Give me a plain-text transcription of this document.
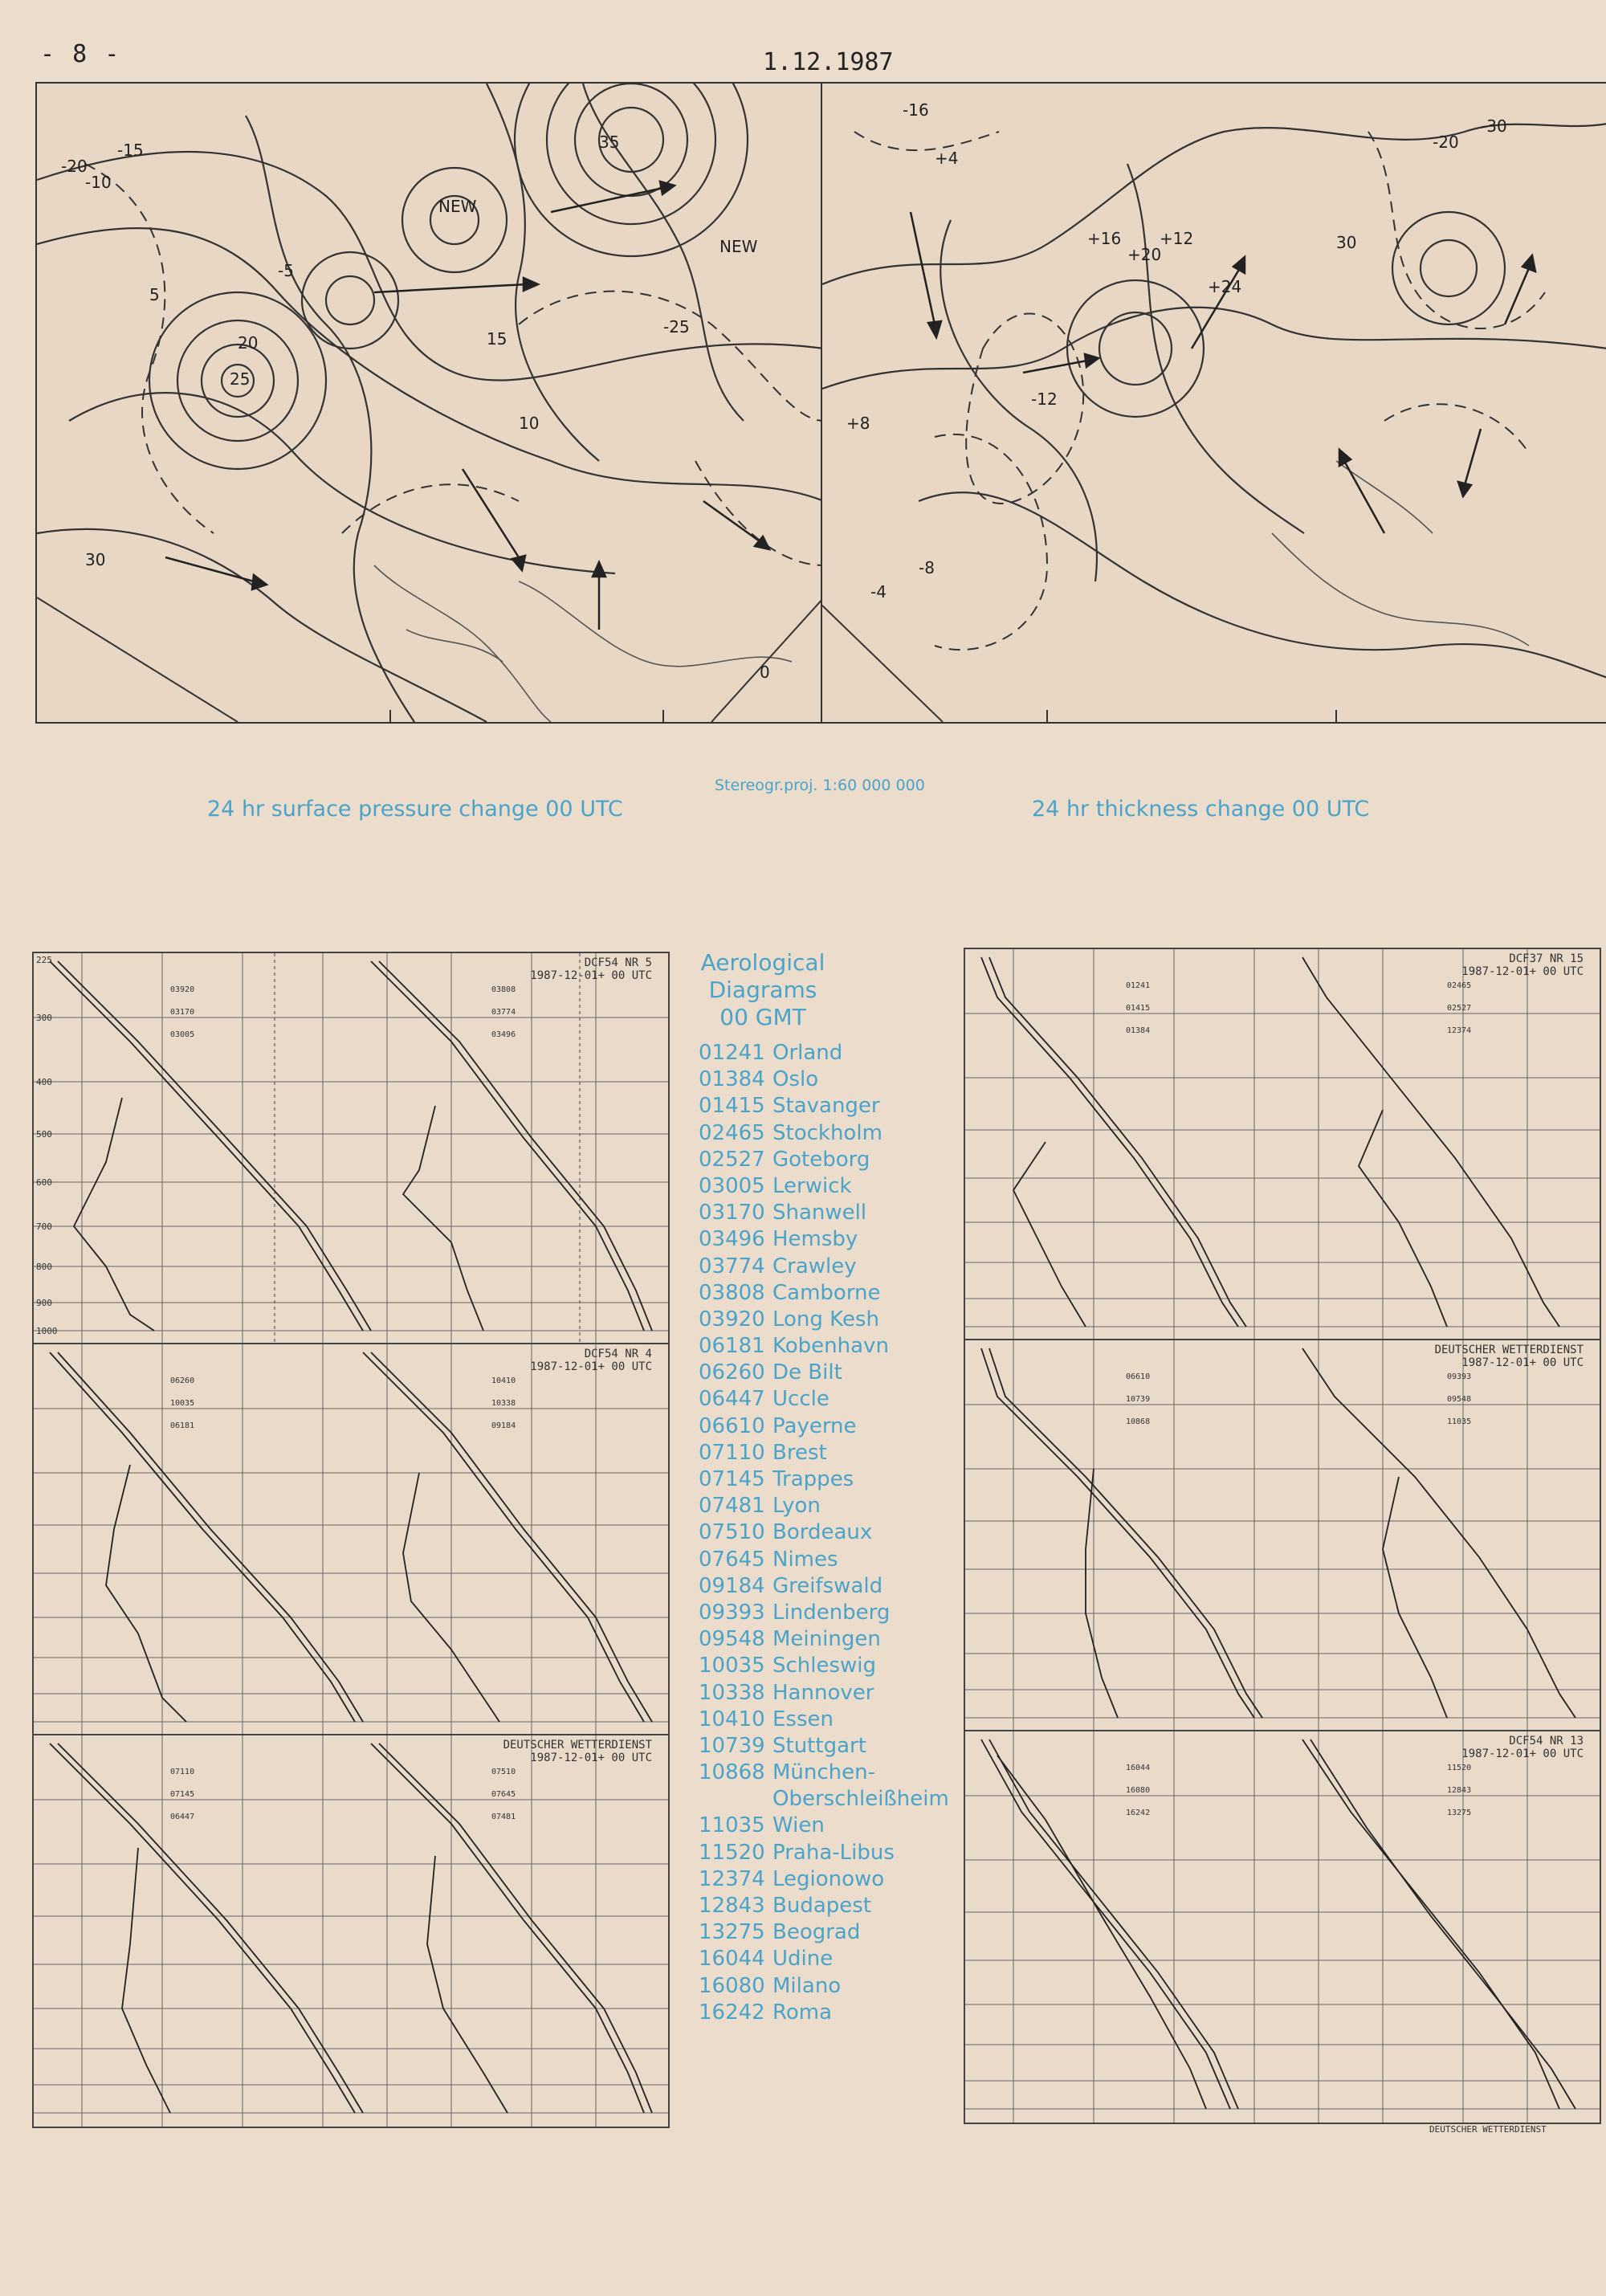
- 8 -	1.12.1987
NEW
NEW
35
25
20	15
10
5
-5
-10
-15
-20
30
0
-25
-16
-12
-8
-4
+4
+8
+12
+16
+20
+24
30
-20
-30
24 hr surface pressure change 00 UTC
Stereogr.proj. 1:60 000 000
24 hr thickness change 00 UTC
DCF54 NR 5
1987-12-01+ 00 UTC
03920
03170
03005
03808
03774
03496
225
300
400
500
600
700
800
900
1000
DCF54 NR 4
1987-12-01+ 00 UTC
06260
10035
06181
10410
10338
09184
DEUTSCHER WETTERDIENST
1987-12-01+ 00 UTC
07110
07145
06447
07510
07645
07481
Aerological
Diagrams
00 GMT
01241 Orland
01384 Oslo
01415 Stavanger
02465 Stockholm
02527 Goteborg
03005 Lerwick
03170 Shanwell
03496 Hemsby
03774 Crawley
03808 Camborne
03920 Long Kesh
06181 Kobenhavn
06260 De Bilt
06447 Uccle
06610 Payerne
07110 Brest
07145 Trappes
07481 Lyon
07510 Bordeaux
07645 Nimes
09184 Greifswald
09393 Lindenberg
09548 Meiningen
10035 Schleswig
10338 Hannover
10410 Essen
10739 Stuttgart
10868 München-
Oberschleißheim
11035 Wien
11520 Praha-Libus
12374 Legionowo
12843 Budapest
13275 Beograd
16044 Udine
16080 Milano
16242 Roma
DCF37 NR 15
1987-12-01+ 00 UTC
01241
01415
01384
02465
02527
12374
DEUTSCHER WETTERDIENST
1987-12-01+ 00 UTC
06610
10739
10868
09393
09548
11035
DCF54 NR 13
1987-12-01+ 00 UTC
16044
16080
16242
11520
12843
13275
DEUTSCHER WETTERDIENST
